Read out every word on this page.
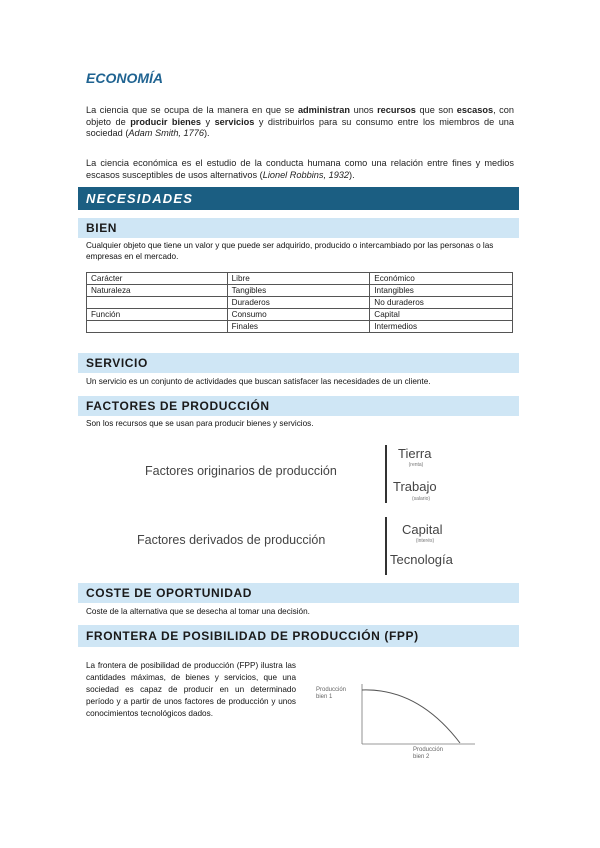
ECONOMÍA
La ciencia que se ocupa de la manera en que se administran unos recursos que son escasos, con objeto de producir bienes y servicios y distribuirlos para su consumo entre los miembros de una sociedad (Adam Smith, 1776).
La ciencia económica es el estudio de la conducta humana como una relación entre fines y medios escasos susceptibles de usos alternativos (Lionel Robbins, 1932).
NECESIDADES
BIEN
Cualquier objeto que tiene un valor y que puede ser adquirido, producido o intercambiado por las personas o las empresas en el mercado.
Carácter	Libre	Económico
Naturaleza	Tangibles	Intangibles
	Duraderos	No duraderos
Función	Consumo	Capital
	Finales	Intermedios
SERVICIO
Un servicio es un conjunto de actividades que buscan satisfacer las necesidades de un cliente.
FACTORES DE PRODUCCIÓN
Son los recursos que se usan para producir bienes y servicios.
Factores originarios de producción
Tierra
(renta)
Trabajo
(salario)
Factores derivados de producción
Capital
(interés)
Tecnología
COSTE DE OPORTUNIDAD
Coste de la alternativa que se desecha al tomar una decisión.
FRONTERA DE POSIBILIDAD DE PRODUCCIÓN (FPP)
La frontera de posibilidad de producción (FPP) ilustra las cantidades máximas, de bienes y servicios, que una sociedad es capaz de producir en un determinado período y a partir de unos factores de producción y unos conocimientos tecnológicos dados.
Producción
bien 1
Producción
bien 2
